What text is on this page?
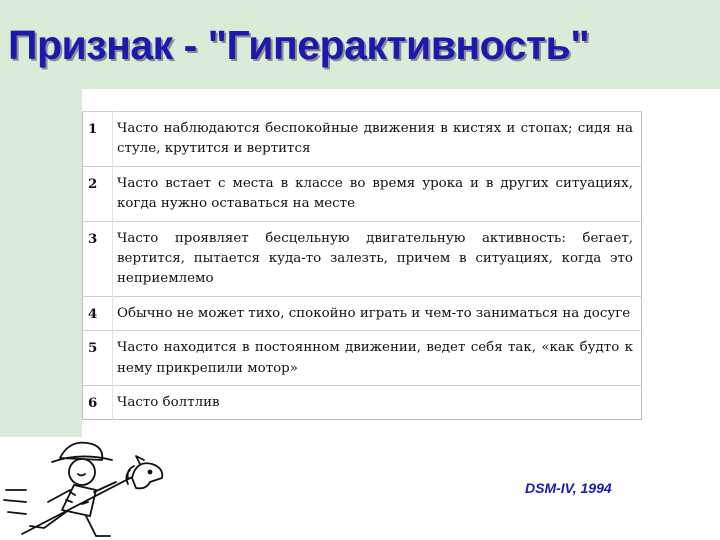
Признак - "Гиперактивность"
1	Часто наблюдаются беспокойные движения в кистях и стопах; сидя на стуле, крутится и вертится
2	Часто встает с места в классе во время урока и в других ситуациях, когда нужно оставаться на месте
3	Часто проявляет бесцельную двигательную активность: бегает, вертится, пытается куда-то залезть, причем в ситуациях, когда это неприемлемо
4	Обычно не может тихо, спокойно играть и чем-то заниматься на досуге
5	Часто находится в постоянном движении, ведет себя так, «как будто к нему прикрепили мотор»
6	Часто болтлив
DSM-IV, 1994
